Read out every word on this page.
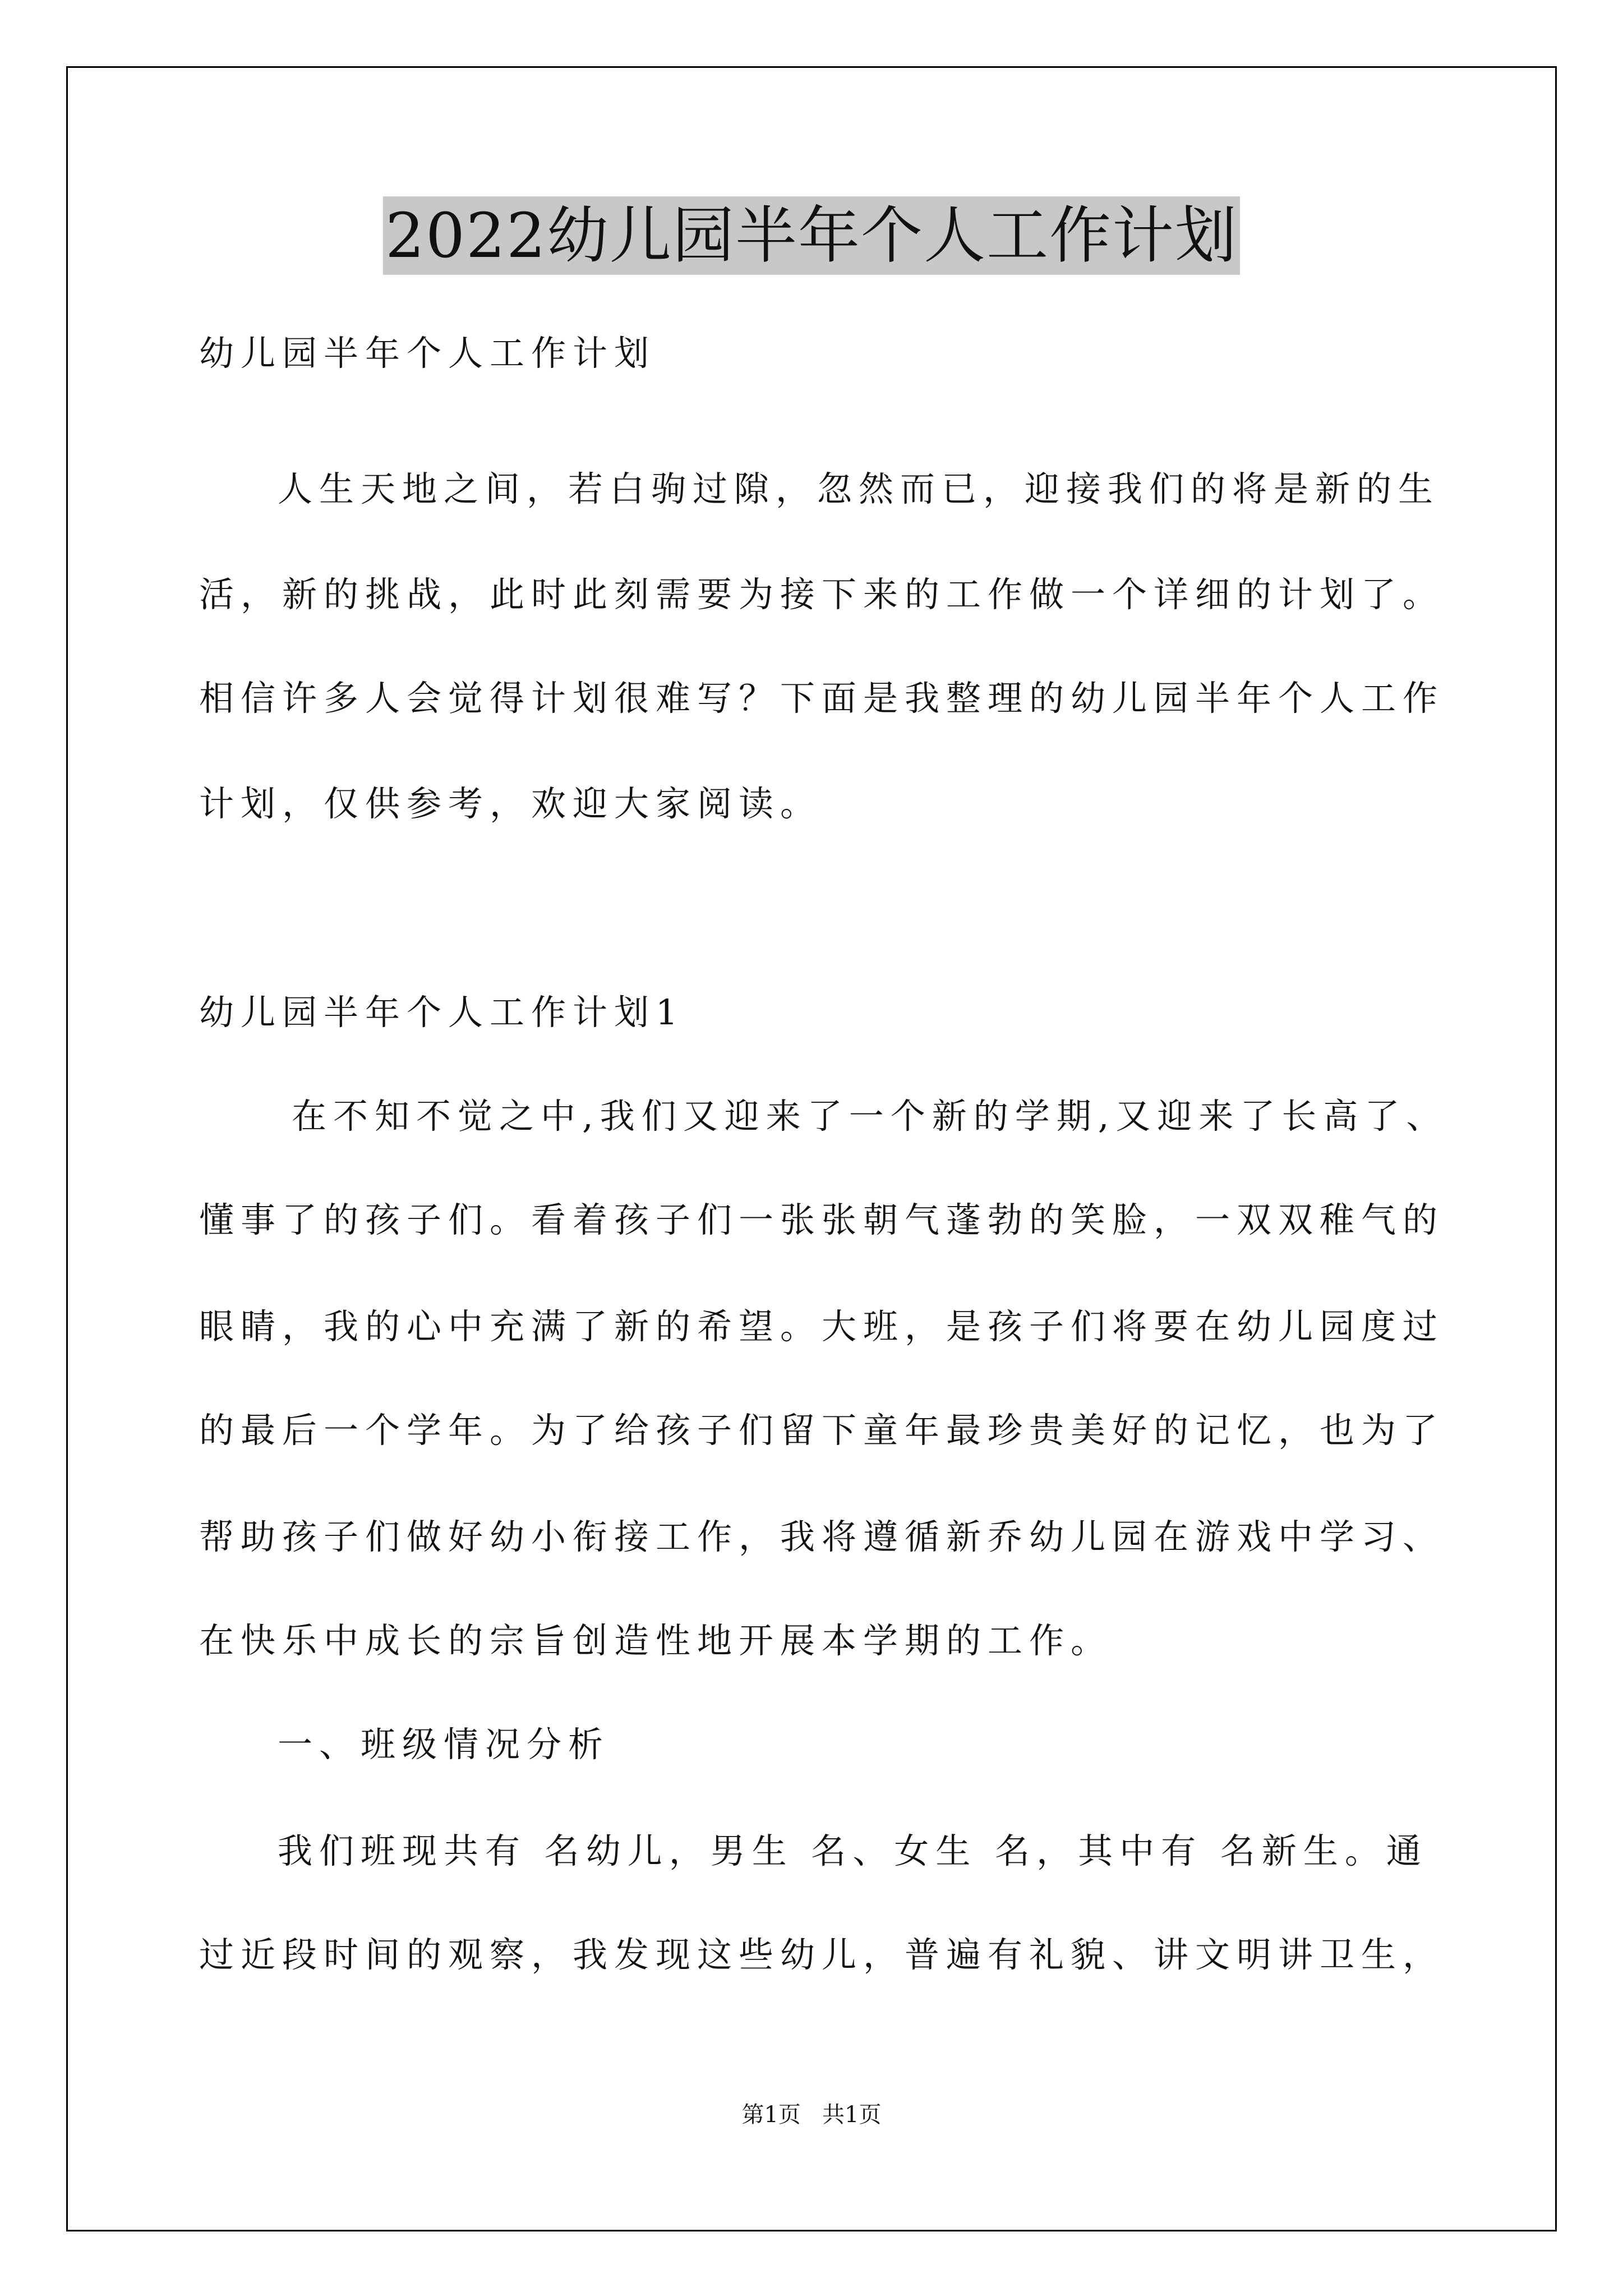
2022幼儿园半年个人工作计划
幼儿园半年个人工作计划
人生天地之间，若白驹过隙，忽然而已，迎接我们的将是新的生
活，新的挑战，此时此刻需要为接下来的工作做一个详细的计划了。
相信许多人会觉得计划很难写？下面是我整理的幼儿园半年个人工作
计划，仅供参考，欢迎大家阅读。
幼儿园半年个人工作计划1
在不知不觉之中,我们又迎来了一个新的学期,又迎来了长高了、
懂事了的孩子们。看着孩子们一张张朝气蓬勃的笑脸，一双双稚气的
眼睛，我的心中充满了新的希望。大班，是孩子们将要在幼儿园度过
的最后一个学年。为了给孩子们留下童年最珍贵美好的记忆，也为了
帮助孩子们做好幼小衔接工作，我将遵循新乔幼儿园在游戏中学习、
在快乐中成长的宗旨创造性地开展本学期的工作。
一、班级情况分析
我们班现共有 名幼儿，男生 名、女生 名，其中有 名新生。通
过近段时间的观察，我发现这些幼儿，普遍有礼貌、讲文明讲卫生，
第1页   共1页
